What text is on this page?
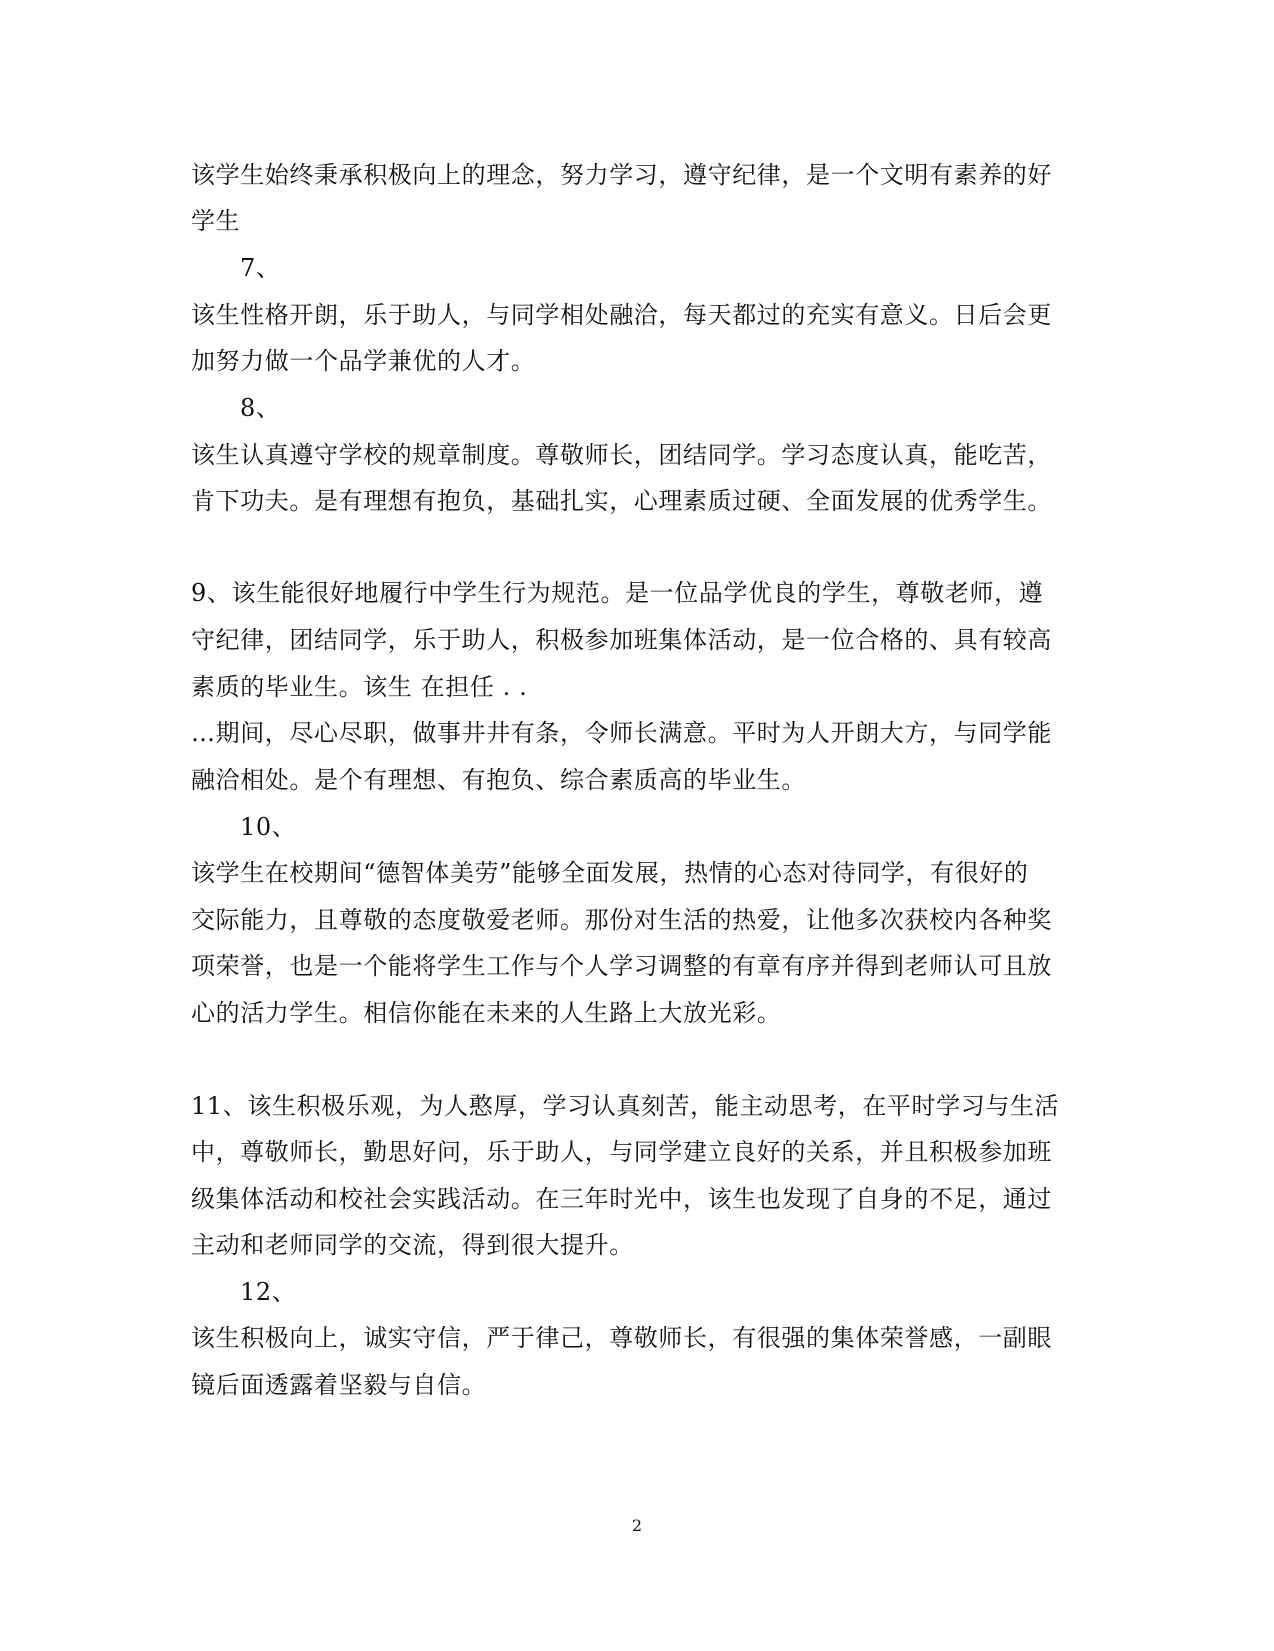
该学生始终秉承积极向上的理念，努力学习，遵守纪律，是一个文明有素养的好
学生
7、
该生性格开朗，乐于助人，与同学相处融洽，每天都过的充实有意义。日后会更
加努力做一个品学兼优的人才。
8、
该生认真遵守学校的规章制度。尊敬师长，团结同学。学习态度认真，能吃苦，
肯下功夫。是有理想有抱负，基础扎实，心理素质过硬、全面发展的优秀学生。
9、该生能很好地履行中学生行为规范。是一位品学优良的学生，尊敬老师，遵
守纪律，团结同学，乐于助人，积极参加班集体活动，是一位合格的、具有较高
素质的毕业生。该生 在担任 . .
…期间，尽心尽职，做事井井有条，令师长满意。平时为人开朗大方，与同学能
融洽相处。是个有理想、有抱负、综合素质高的毕业生。
10、
该学生在校期间“德智体美劳”能够全面发展，热情的心态对待同学，有很好的
交际能力，且尊敬的态度敬爱老师。那份对生活的热爱，让他多次获校内各种奖
项荣誉，也是一个能将学生工作与个人学习调整的有章有序并得到老师认可且放
心的活力学生。相信你能在未来的人生路上大放光彩。
11、该生积极乐观，为人憨厚，学习认真刻苦，能主动思考，在平时学习与生活
中，尊敬师长，勤思好问，乐于助人，与同学建立良好的关系，并且积极参加班
级集体活动和校社会实践活动。在三年时光中，该生也发现了自身的不足，通过
主动和老师同学的交流，得到很大提升。
12、
该生积极向上，诚实守信，严于律己，尊敬师长，有很强的集体荣誉感，一副眼
镜后面透露着坚毅与自信。
2
